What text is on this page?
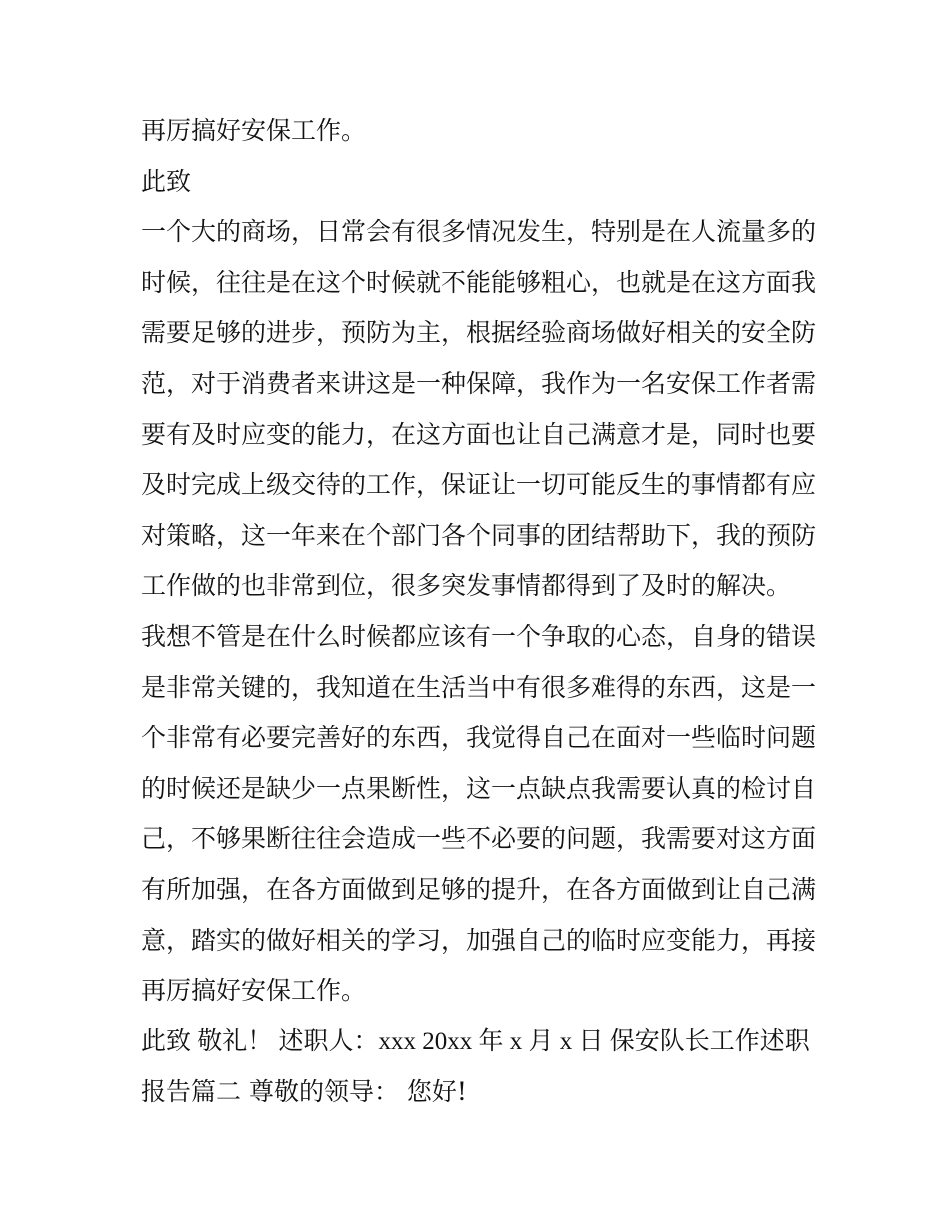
再厉搞好安保工作。
此致
一个大的商场，日常会有很多情况发生，特别是在人流量多的
时候，往往是在这个时候就不能能够粗心，也就是在这方面我
需要足够的进步，预防为主，根据经验商场做好相关的安全防
范，对于消费者来讲这是一种保障，我作为一名安保工作者需
要有及时应变的能力，在这方面也让自己满意才是，同时也要
及时完成上级交待的工作，保证让一切可能反生的事情都有应
对策略，这一年来在个部门各个同事的团结帮助下，我的预防
工作做的也非常到位，很多突发事情都得到了及时的解决。
我想不管是在什么时候都应该有一个争取的心态，自身的错误
是非常关键的，我知道在生活当中有很多难得的东西，这是一
个非常有必要完善好的东西，我觉得自己在面对一些临时问题
的时候还是缺少一点果断性，这一点缺点我需要认真的检讨自
己，不够果断往往会造成一些不必要的问题，我需要对这方面
有所加强，在各方面做到足够的提升，在各方面做到让自己满
意，踏实的做好相关的学习，加强自己的临时应变能力，再接
再厉搞好安保工作。
此致 敬礼！ 述职人：xxx 20xx 年 x 月 x 日 保安队长工作述职
报告篇二 尊敬的领导： 您好!
